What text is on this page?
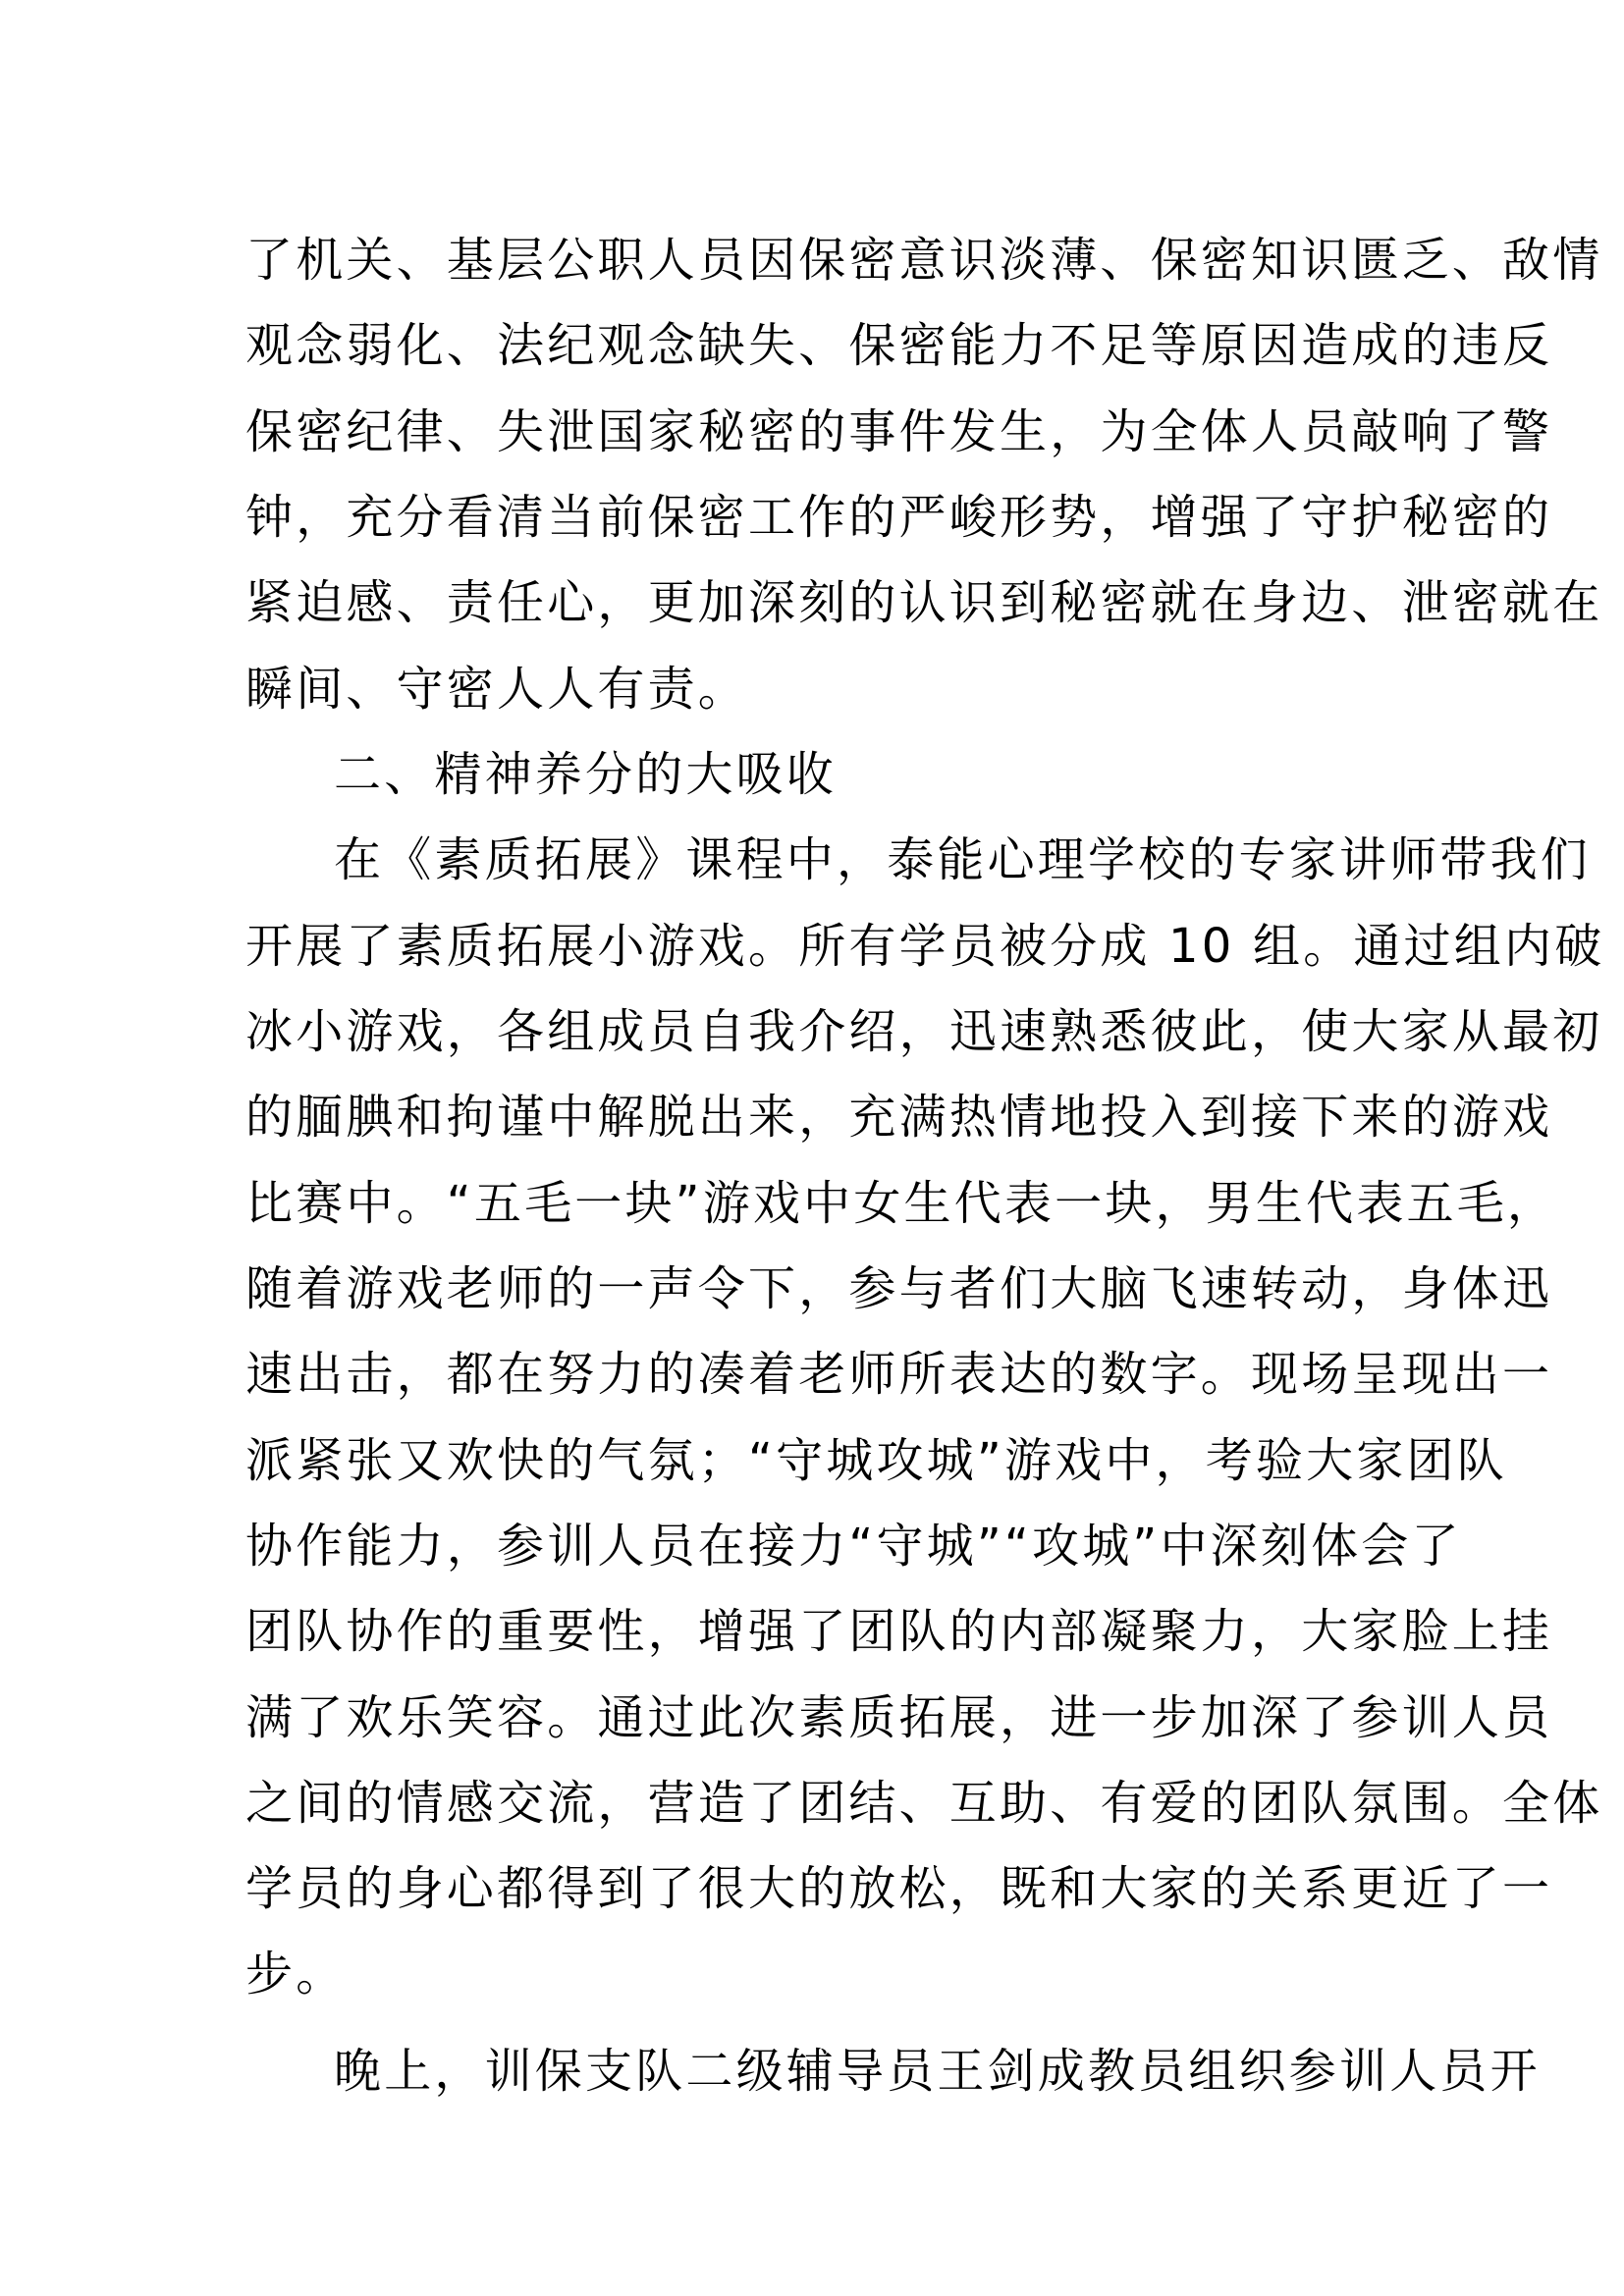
了机关、基层公职人员因保密意识淡薄、保密知识匮乏、敌情
观念弱化、法纪观念缺失、保密能力不足等原因造成的违反
保密纪律、失泄国家秘密的事件发生，为全体人员敲响了警
钟，充分看清当前保密工作的严峻形势，增强了守护秘密的
紧迫感、责任心，更加深刻的认识到秘密就在身边、泄密就在
瞬间、守密人人有责。
二、精神养分的大吸收
在《素质拓展》课程中，泰能心理学校的专家讲师带我们
开展了素质拓展小游戏。所有学员被分成 10 组。通过组内破
冰小游戏，各组成员自我介绍，迅速熟悉彼此，使大家从最初
的腼腆和拘谨中解脱出来，充满热情地投入到接下来的游戏
比赛中。“五毛一块”游戏中女生代表一块，男生代表五毛，
随着游戏老师的一声令下，参与者们大脑飞速转动，身体迅
速出击，都在努力的凑着老师所表达的数字。现场呈现出一
派紧张又欢快的气氛；“守城攻城”游戏中，考验大家团队
协作能力，参训人员在接力“守城”“攻城”中深刻体会了
团队协作的重要性，增强了团队的内部凝聚力，大家脸上挂
满了欢乐笑容。通过此次素质拓展，进一步加深了参训人员
之间的情感交流，营造了团结、互助、有爱的团队氛围。全体
学员的身心都得到了很大的放松，既和大家的关系更近了一
步。
晚上，训保支队二级辅导员王剑成教员组织参训人员开
